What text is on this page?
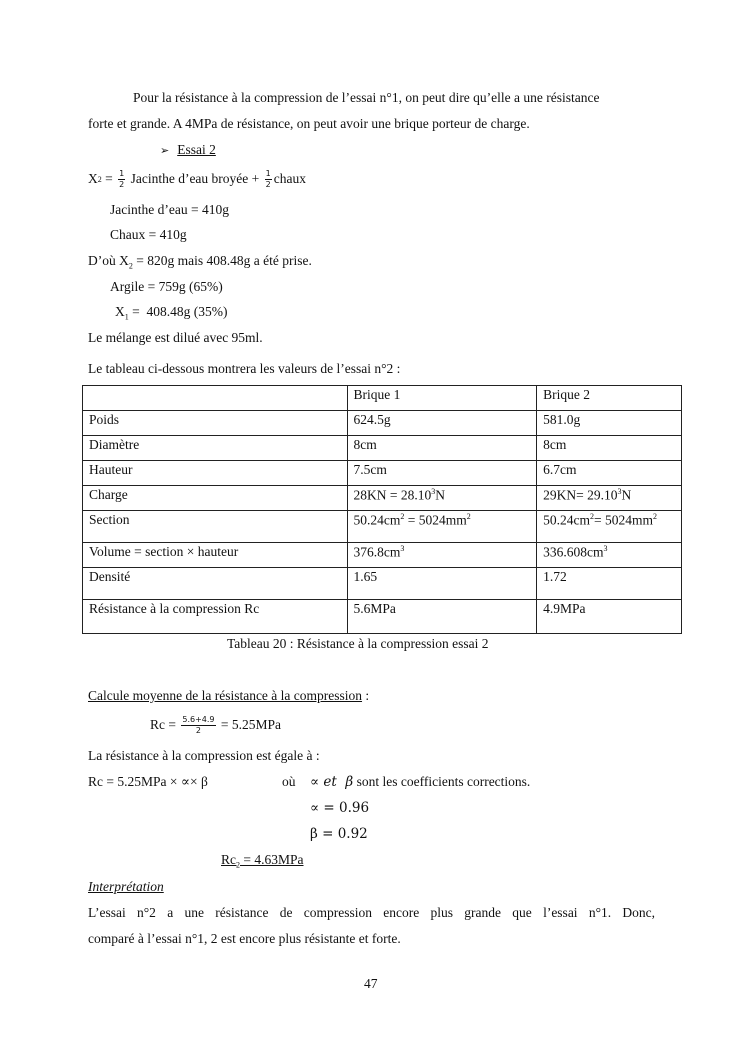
Pour la résistance à la compression de l’essai n°1, on peut dire qu’elle a une résistance
forte et grande. A 4MPa de résistance, on peut avoir une brique porteur de charge.
➢ Essai 2
X $2 = \frac{1}{2}$ Jacinthe d’eau broyée + $\frac{1}{2}$ chaux
Jacinthe d’eau = 410g
Chaux = 410g
D’où $X_2 = 820g$ mais 408.48g a été prise.
Argile = 759g (65%)
$X_1 = 408.48g$ (35%)
Le mélange est dilué avec 95ml.
Le tableau ci-dessous montrera les valeurs de l’essai n°2 :
	Brique 1	Brique 2
Poids	624.5g	581.0g
Diamètre	8cm	8cm
Hauteur	7.5cm	6.7cm
Charge	$28KN = 28.10^3N$	$29KN= 29.10^3N$
Section	$50.24cm^2 = 5024mm^2$	$50.24cm^2= 5024mm^2$
Volume = section × hauteur	$376.8cm^3$	$336.608cm^3$
Densité	1.65	1.72
Résistance à la compression Rc	5.6MPa	4.9MPa
Tableau 20 : Résistance à la compression essai 2
Calcule moyenne de la résistance à la compression :
$Rc = \frac{5.6+4.9}{2} = 5.25MPa$
La résistance à la compression est égale à :
Rc = 5.25MPa × ∝× β	où ∝ et  β sont les coefficients corrections.
∝ = 0.96
β = 0.92
$Rc_2 = 4.63MPa$
Interprétation
L’essai n°2 a une résistance de compression encore plus grande que l’essai n°1. Donc,
comparé à l’essai n°1, 2 est encore plus résistante et forte.
47
